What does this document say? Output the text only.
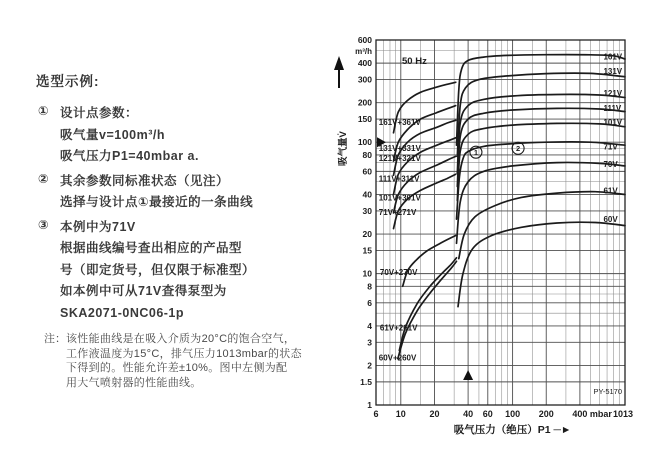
选型示例:
① 设计点参数：
吸气量v=100m³/h
吸气压力P1=40mbar a.
② 其余参数同标准状态（见注）
选择与设计点①最接近的一条曲线
③ 本例中为71V
根据曲线编号查出相应的产品型
号（即定货号，但仅限于标准型）
如本例中可从71V查得泵型为
SKA2071-0NC06-1p
注： 该性能曲线是在吸入介质为20°C的饱合空气，
工作液温度为15°C，排气压力1013mbar的状态
下得到的。性能允许差±10%。图中左侧为配
用大气喷射器的性能曲线。
161V+361V
131V+331V
121V+321V
111V+311V
101V+301V
71V+271V
70V+270V
61V+261V
60V+260V
161V
131V
121V
111V
101V
71V
70V
61V
60V
6 10	20	40 60 100 200 400 mbar 1013
600
400
300
200
150
100
80
60
40
30
20
15
10
8
6
4
3
2
1.5
1
m³/h
50 Hz
PY-5170
吸气压力（绝压）P1 ─►
吸气量V̇	1	2
